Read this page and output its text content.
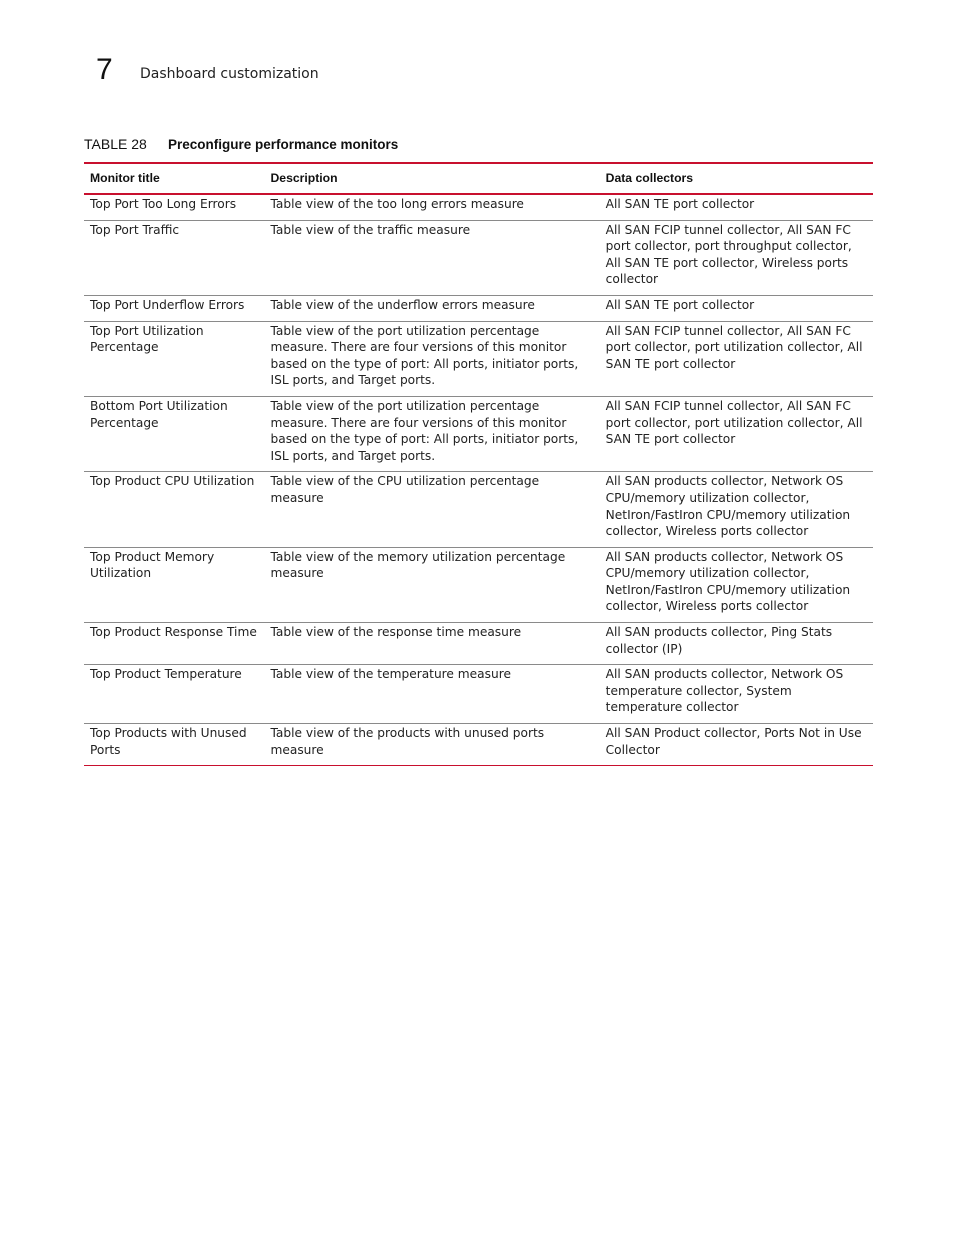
7 Dashboard customization
TABLE 28 Preconfigure performance monitors
Monitor title	Description	Data collectors
Top Port Too Long Errors	Table view of the too long errors measure	All SAN TE port collector
Top Port Traffic	Table view of the traffic measure	All SAN FCIP tunnel collector, All SAN FC port collector, port throughput collector, All SAN TE port collector, Wireless ports collector
Top Port Underflow Errors	Table view of the underflow errors measure	All SAN TE port collector
Top Port Utilization Percentage	Table view of the port utilization percentage measure. There are four versions of this monitor based on the type of port: All ports, initiator ports, ISL ports, and Target ports.	All SAN FCIP tunnel collector, All SAN FC port collector, port utilization collector, All SAN TE port collector
Bottom Port Utilization Percentage	Table view of the port utilization percentage measure. There are four versions of this monitor based on the type of port: All ports, initiator ports, ISL ports, and Target ports.	All SAN FCIP tunnel collector, All SAN FC port collector, port utilization collector, All SAN TE port collector
Top Product CPU Utilization	Table view of the CPU utilization percentage measure	All SAN products collector, Network OS CPU/memory utilization collector, NetIron/FastIron CPU/memory utilization collector, Wireless ports collector
Top Product Memory Utilization	Table view of the memory utilization percentage measure	All SAN products collector, Network OS CPU/memory utilization collector, NetIron/FastIron CPU/memory utilization collector, Wireless ports collector
Top Product Response Time	Table view of the response time measure	All SAN products collector, Ping Stats collector (IP)
Top Product Temperature	Table view of the temperature measure	All SAN products collector, Network OS temperature collector, System temperature collector
Top Products with Unused Ports	Table view of the products with unused ports measure	All SAN Product collector, Ports Not in Use Collector
